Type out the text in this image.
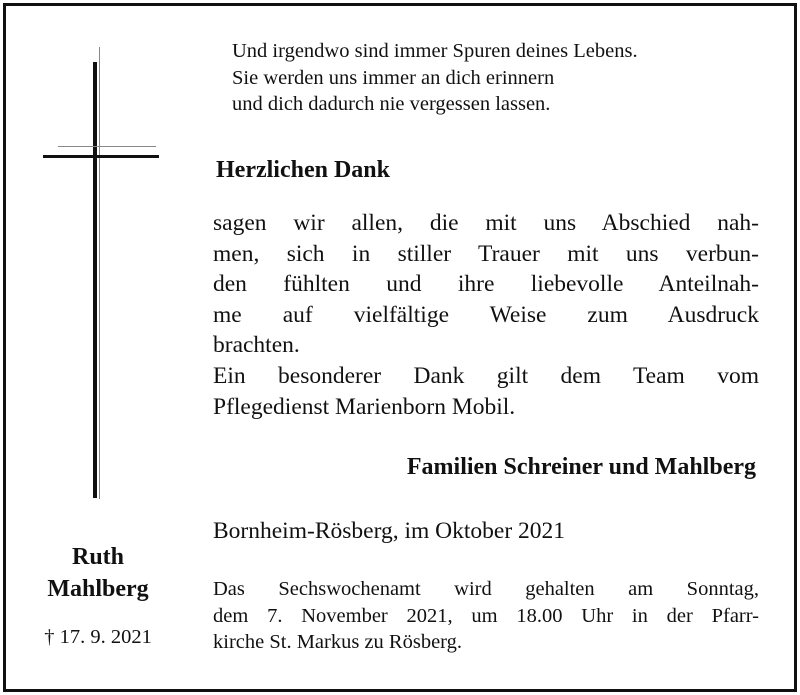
Und irgendwo sind immer Spuren deines Lebens.
Sie werden uns immer an dich erinnern
und dich dadurch nie vergessen lassen.
Herzlichen Dank
sagen wir allen, die mit uns Abschied nah-
men, sich in stiller Trauer mit uns verbun-
den fühlten und ihre liebevolle Anteilnah-
me auf vielfältige Weise zum Ausdruck
brachten.
Ein besonderer Dank gilt dem Team vom
Pflegedienst Marienborn Mobil.
Familien Schreiner und Mahlberg
Bornheim-Rösberg, im Oktober 2021
Das Sechswochenamt wird gehalten am Sonntag,
dem 7. November 2021, um 18.00 Uhr in der Pfarr-
kirche St. Markus zu Rösberg.
Ruth
Mahlberg
† 17. 9. 2021
